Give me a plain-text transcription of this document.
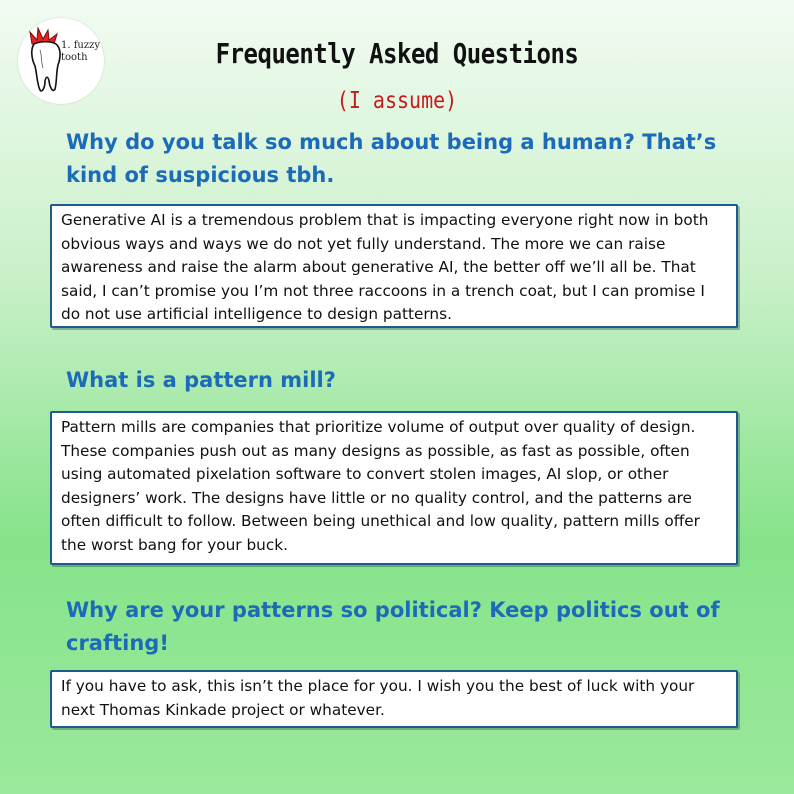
1. fuzzy
tooth	Frequently Asked Questions
(I assume)
Why do you talk so much about being a human? That’s kind of suspicious tbh.

Generative AI is a tremendous problem that is impacting everyone right now in both obvious ways and ways we do not yet fully understand. The more we can raise awareness and raise the alarm about generative AI, the better off we’ll all be. That said, I can’t promise you I’m not three raccoons in a trench coat, but I can promise I do not use artificial intelligence to design patterns.

What is a pattern mill?

Pattern mills are companies that prioritize volume of output over quality of design. These companies push out as many designs as possible, as fast as possible, often using automated pixelation software to convert stolen images, AI slop, or other designers’ work. The designs have little or no quality control, and the patterns are often difficult to follow. Between being unethical and low quality, pattern mills offer the worst bang for your buck.

Why are your patterns so political? Keep politics out of crafting!

If you have to ask, this isn’t the place for you. I wish you the best of luck with your next Thomas Kinkade project or whatever.
